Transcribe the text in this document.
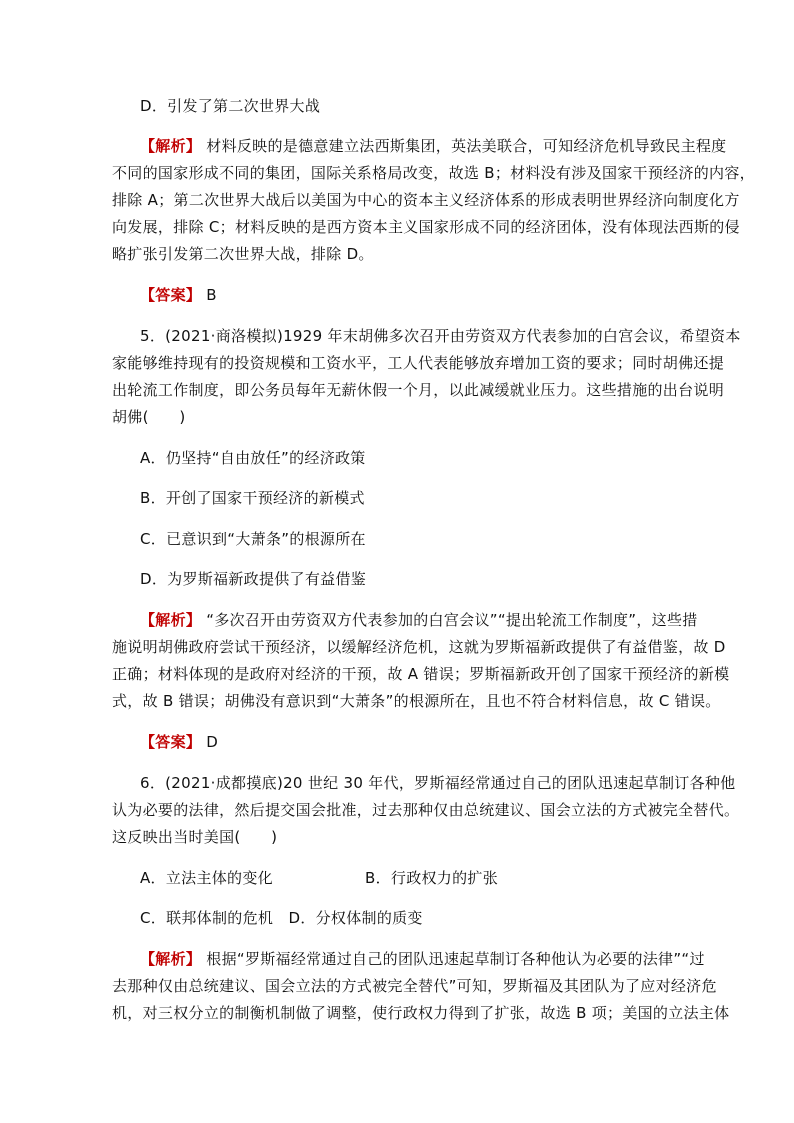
D．引发了第二次世界大战
【解析】 材料反映的是德意建立法西斯集团，英法美联合，可知经济危机导致民主程度
不同的国家形成不同的集团，国际关系格局改变，故选 B；材料没有涉及国家干预经济的内容，
排除 A；第二次世界大战后以美国为中心的资本主义经济体系的形成表明世界经济向制度化方
向发展，排除 C；材料反映的是西方资本主义国家形成不同的经济团体，没有体现法西斯的侵
略扩张引发第二次世界大战，排除 D。
【答案】 B
5．(2021·商洛模拟)1929 年末胡佛多次召开由劳资双方代表参加的白宫会议，希望资本
家能够维持现有的投资规模和工资水平，工人代表能够放弃增加工资的要求；同时胡佛还提
出轮流工作制度，即公务员每年无薪休假一个月，以此减缓就业压力。这些措施的出台说明
胡佛(　　)
A．仍坚持“自由放任”的经济政策
B．开创了国家干预经济的新模式
C．已意识到“大萧条”的根源所在
D．为罗斯福新政提供了有益借鉴
【解析】 “多次召开由劳资双方代表参加的白宫会议”“提出轮流工作制度”，这些措
施说明胡佛政府尝试干预经济，以缓解经济危机，这就为罗斯福新政提供了有益借鉴，故 D
正确；材料体现的是政府对经济的干预，故 A 错误；罗斯福新政开创了国家干预经济的新模
式，故 B 错误；胡佛没有意识到“大萧条”的根源所在，且也不符合材料信息，故 C 错误。
【答案】 D
6．(2021·成都摸底)20 世纪 30 年代，罗斯福经常通过自己的团队迅速起草制订各种他
认为必要的法律，然后提交国会批准，过去那种仅由总统建议、国会立法的方式被完全替代。
这反映出当时美国(　　)
A．立法主体的变化	B．行政权力的扩张
C．联邦体制的危机　D．分权体制的质变
【解析】 根据“罗斯福经常通过自己的团队迅速起草制订各种他认为必要的法律”“过
去那种仅由总统建议、国会立法的方式被完全替代”可知，罗斯福及其团队为了应对经济危
机，对三权分立的制衡机制做了调整，使行政权力得到了扩张，故选 B 项；美国的立法主体
